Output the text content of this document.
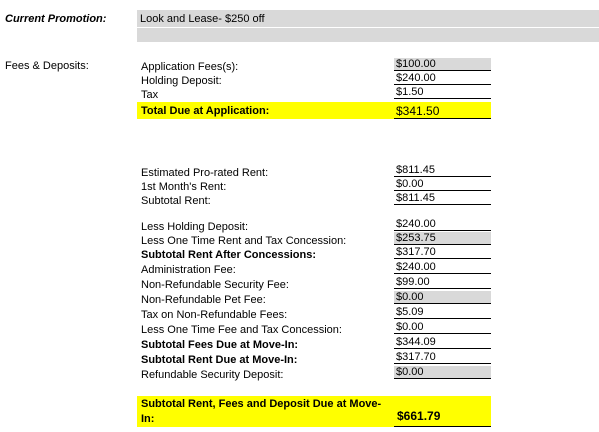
Current Promotion:	Look and Lease- $250 off
Fees & Deposits:	Application Fees(s):	$100.00
Holding Deposit:	$240.00
Tax	$1.50
Total Due at Application:	$341.50
Estimated Pro-rated Rent:	$811.45
1st Month's Rent:	$0.00
Subtotal Rent:	$811.45
Less Holding Deposit:	$240.00
Less One Time Rent and Tax Concession:	$253.75
Subtotal Rent After Concessions:	$317.70
Administration Fee:	$240.00
Non-Refundable Security Fee:	$99.00
Non-Refundable Pet Fee:	$0.00
Tax on Non-Refundable Fees:	$5.09
Less One Time Fee and Tax Concession:	$0.00
Subtotal Fees Due at Move-In:	$344.09
Subtotal Rent Due at Move-In:	$317.70
Refundable Security Deposit:	$0.00
Subtotal Rent, Fees and Deposit Due at Move-
In:	$661.79
